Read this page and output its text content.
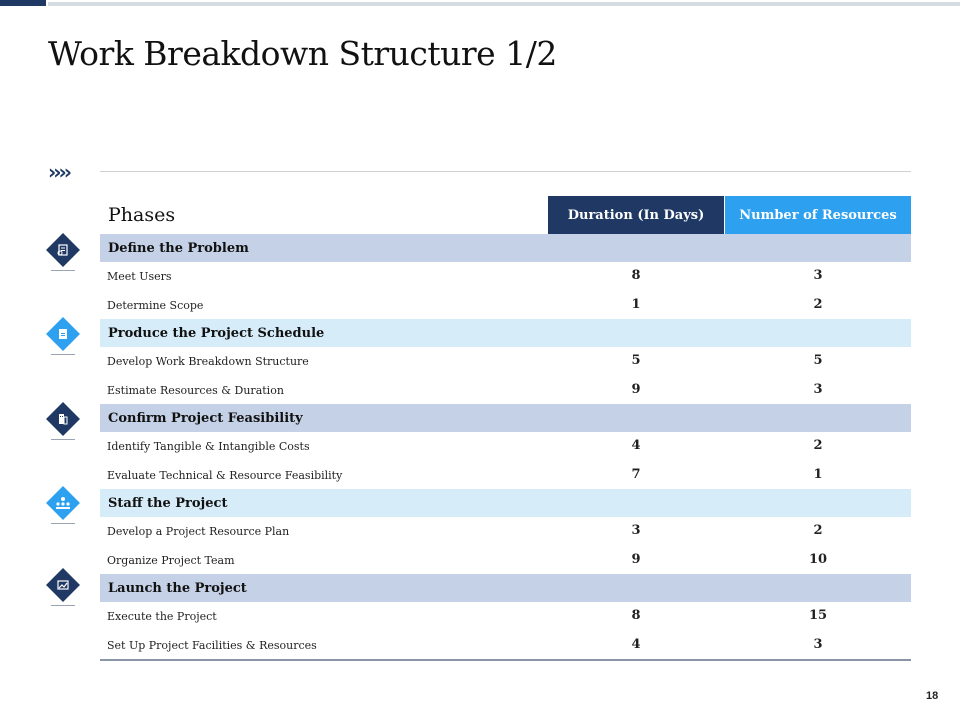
Work Breakdown Structure 1/2
››››
Phases	Duration (In Days)	Number of Resources
Define the Problem
Meet Users	8	3
Determine Scope	1	2
Produce the Project Schedule
Develop Work Breakdown Structure	5	5
Estimate Resources & Duration	9	3
Confirm Project Feasibility
Identify Tangible & Intangible Costs	4	2
Evaluate Technical & Resource Feasibility	7	1
Staff the Project
Develop a Project Resource Plan	3	2
Organize Project Team	9	10
Launch the Project
Execute the Project	8	15
Set Up Project Facilities & Resources	4	3
18
